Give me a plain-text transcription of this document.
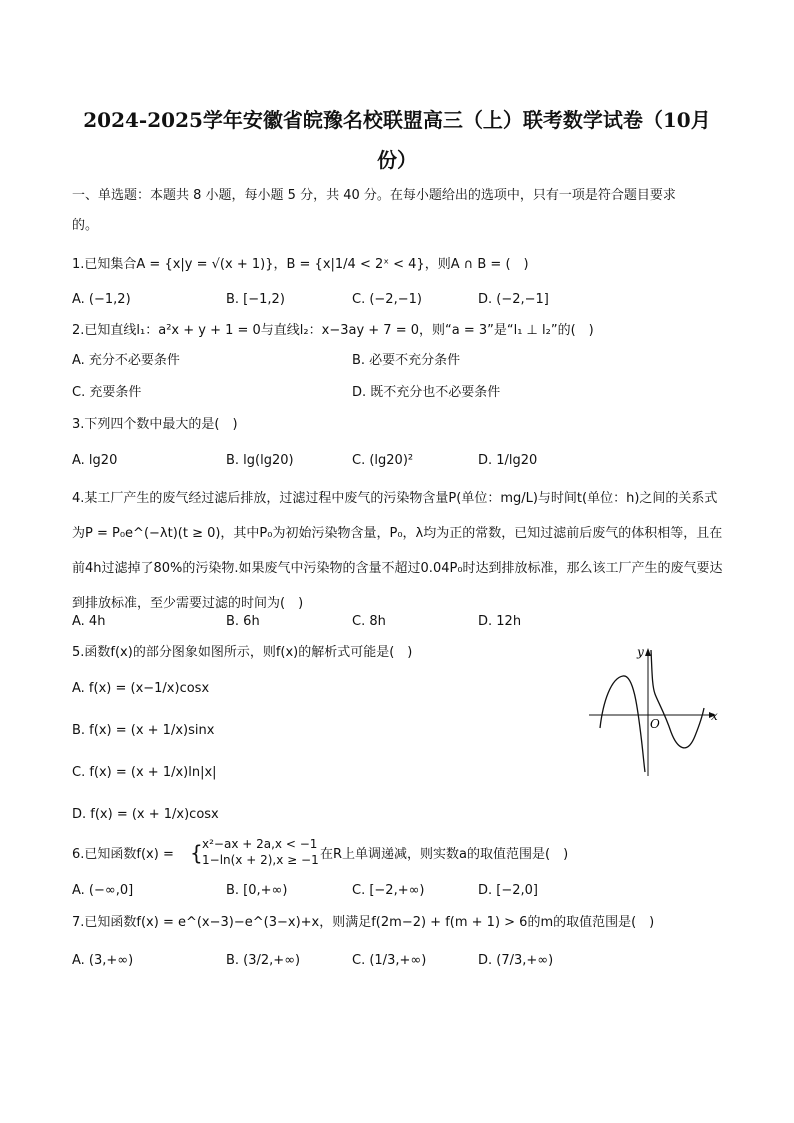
2024-2025学年安徽省皖豫名校联盟高三（上）联考数学试卷（10月
份）
一、单选题：本题共 8 小题，每小题 5 分，共 40 分。在每小题给出的选项中，只有一项是符合题目要求
的。
1.已知集合A = {x|y = √(x + 1)}，B = {x|1/4 < 2ˣ < 4}，则A ∩ B = (　)
A. (−1,2)	B. [−1,2)	C. (−2,−1)	D. (−2,−1]
2.已知直线l₁：a²x + y + 1 = 0与直线l₂：x−3ay + 7 = 0，则“a = 3”是“l₁ ⊥ l₂”的(　)
A. 充分不必要条件	B. 必要不充分条件
C. 充要条件	D. 既不充分也不必要条件
3.下列四个数中最大的是(　)
A. lg20	B. lg(lg20)	C. (lg20)²	D. 1/lg20
4.某工厂产生的废气经过滤后排放，过滤过程中废气的污染物含量P(单位：mg/L)与时间t(单位：h)之间的关系式为P = P₀e^(−λt)(t ≥ 0)，其中P₀为初始污染物含量，P₀，λ均为正的常数，已知过滤前后废气的体积相等，且在前4h过滤掉了80%的污染物.如果废气中污染物的含量不超过0.04P₀时达到排放标准，那么该工厂产生的废气要达到排放标准，至少需要过滤的时间为(　)
A. 4h	B. 6h	C. 8h	D. 12h
5.函数f(x)的部分图象如图所示，则f(x)的解析式可能是(　)
A. f(x) = (x−1/x)cosx
B. f(x) = (x + 1/x)sinx
C. f(x) = (x + 1/x)ln|x|
D. f(x) = (x + 1/x)cosx
y
x
O
6.已知函数f(x) = { x²−ax + 2a,x < −1
1−ln(x + 2),x ≥ −1 在R上单调递减，则实数a的取值范围是(　)
A. (−∞,0]	B. [0,+∞)	C. [−2,+∞)	D. [−2,0]
7.已知函数f(x) = e^(x−3)−e^(3−x)+x，则满足f(2m−2) + f(m + 1) > 6的m的取值范围是(　)
A. (3,+∞)	B. (3/2,+∞)	C. (1/3,+∞)	D. (7/3,+∞)
